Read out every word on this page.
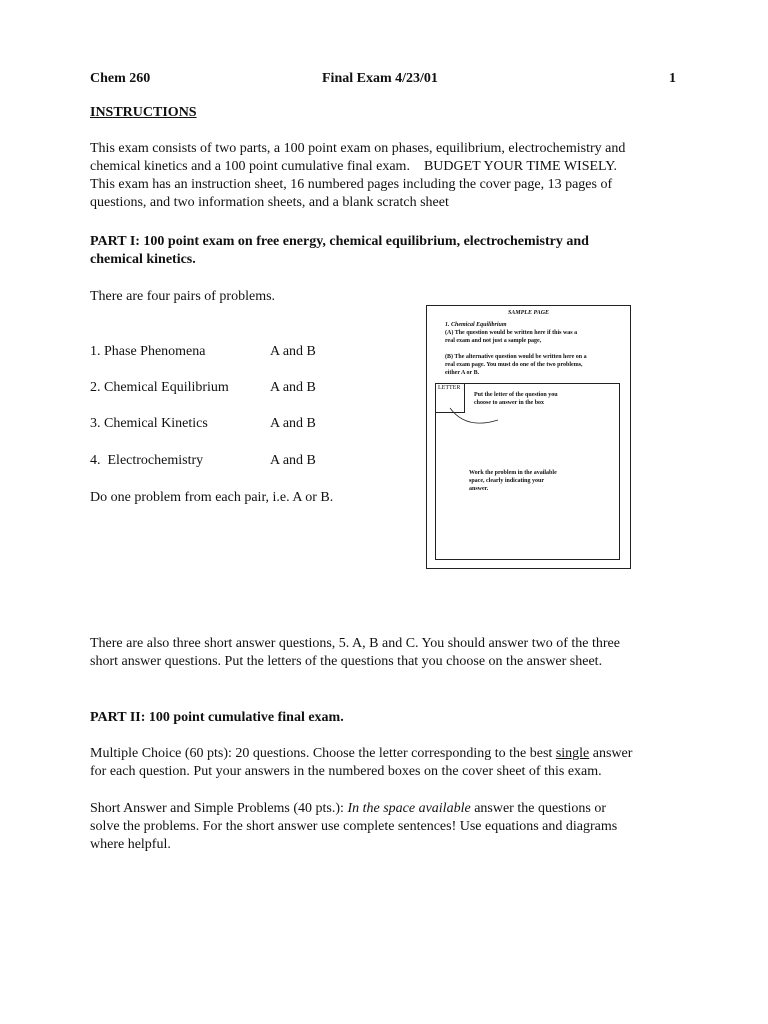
Chem 260	Final Exam 4/23/01	1
INSTRUCTIONS
This exam consists of two parts, a 100 point exam on phases, equilibrium, electrochemistry and
chemical kinetics and a 100 point cumulative final exam.    BUDGET YOUR TIME WISELY.
This exam has an instruction sheet, 16 numbered pages including the cover page, 13 pages of
questions, and two information sheets, and a blank scratch sheet
PART I: 100 point exam on free energy, chemical equilibrium, electrochemistry and
chemical kinetics.
There are four pairs of problems.
1. Phase Phenomena	A and B
2. Chemical Equilibrium	A and B
3. Chemical Kinetics	A and B
4.  Electrochemistry	A and B
Do one problem from each pair, i.e. A or B.
SAMPLE PAGE
1. Chemical Equilibrium
(A) The question would be written here if this was a
real exam and not just a sample page,
(B) The alternative question would be written here on a
real exam page. You must do one of the two problems,
either A or B.
LETTER
Put the letter of the question you
choose to answer in the box
Work the problem in the available
space, clearly indicating your
answer.
There are also three short answer questions, 5. A, B and C. You should answer two of the three
short answer questions. Put the letters of the questions that you choose on the answer sheet.
PART II: 100 point cumulative final exam.
Multiple Choice (60 pts): 20 questions. Choose the letter corresponding to the best single answer
for each question. Put your answers in the numbered boxes on the cover sheet of this exam.
Short Answer and Simple Problems (40 pts.): In the space available answer the questions or
solve the problems. For the short answer use complete sentences! Use equations and diagrams
where helpful.
